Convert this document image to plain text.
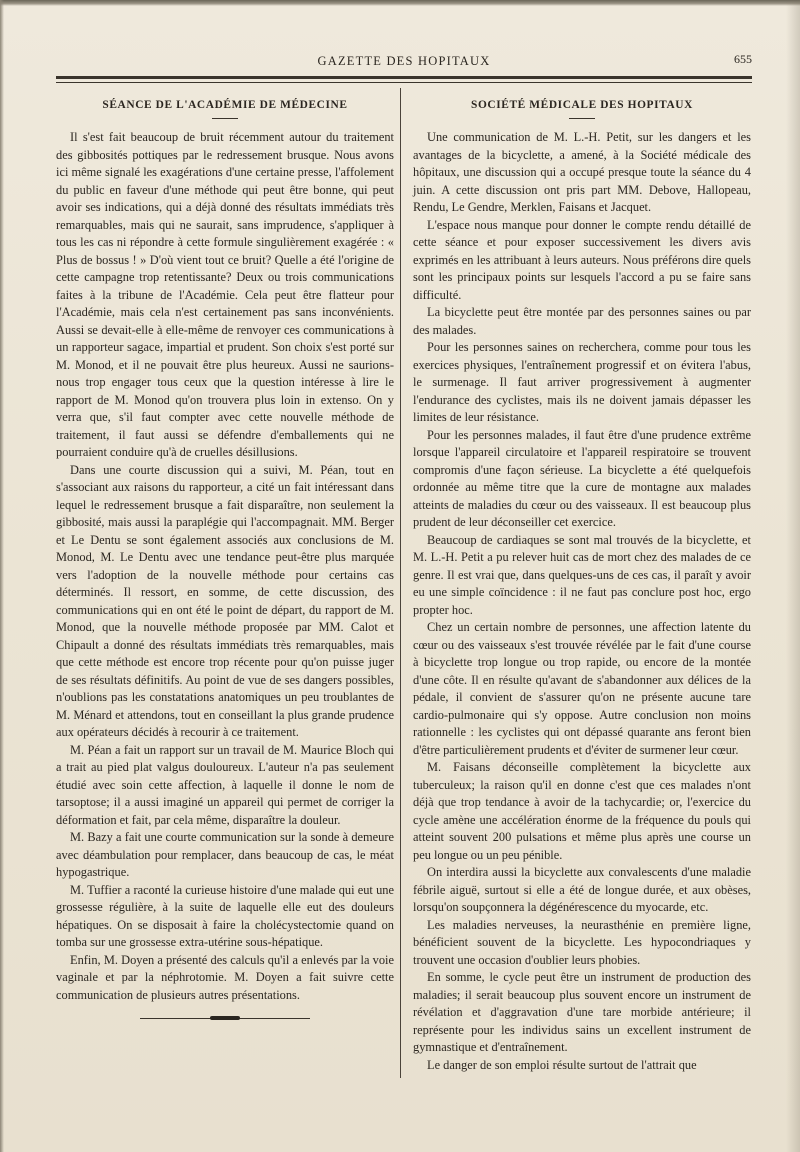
GAZETTE DES HOPITAUX	655
SÉANCE DE L'ACADÉMIE DE MÉDECINE

Il s'est fait beaucoup de bruit récemment autour du traitement des gibbosités pottiques par le redressement brusque. Nous avons ici même signalé les exagérations d'une certaine presse, l'affolement du public en faveur d'une méthode qui peut être bonne, qui peut avoir ses indications, qui a déjà donné des résultats immédiats très remarquables, mais qui ne saurait, sans imprudence, s'appliquer à tous les cas ni répondre à cette formule singulièrement exagérée : « Plus de bossus ! » D'où vient tout ce bruit? Quelle a été l'origine de cette campagne trop retentissante? Deux ou trois communications faites à la tribune de l'Académie. Cela peut être flatteur pour l'Académie, mais cela n'est certainement pas sans inconvénients. Aussi se devait-elle à elle-même de renvoyer ces communications à un rapporteur sagace, impartial et prudent. Son choix s'est porté sur M. Monod, et il ne pouvait être plus heureux. Aussi ne saurions-nous trop engager tous ceux que la question intéresse à lire le rapport de M. Monod qu'on trouvera plus loin in extenso. On y verra que, s'il faut compter avec cette nouvelle méthode de traitement, il faut aussi se défendre d'emballements qui ne pourraient conduire qu'à de cruelles désillusions.

Dans une courte discussion qui a suivi, M. Péan, tout en s'associant aux raisons du rapporteur, a cité un fait intéressant dans lequel le redressement brusque a fait disparaître, non seulement la gibbosité, mais aussi la paraplégie qui l'accompagnait. MM. Berger et Le Dentu se sont également associés aux conclusions de M. Monod, M. Le Dentu avec une tendance peut-être plus marquée vers l'adoption de la nouvelle méthode pour certains cas déterminés. Il ressort, en somme, de cette discussion, des communications qui en ont été le point de départ, du rapport de M. Monod, que la nouvelle méthode proposée par MM. Calot et Chipault a donné des résultats immédiats très remarquables, mais que cette méthode est encore trop récente pour qu'on puisse juger de ses résultats définitifs. Au point de vue de ses dangers possibles, n'oublions pas les constatations anatomiques un peu troublantes de M. Ménard et attendons, tout en conseillant la plus grande prudence aux opérateurs décidés à recourir à ce traitement.

M. Péan a fait un rapport sur un travail de M. Maurice Bloch qui a trait au pied plat valgus douloureux. L'auteur n'a pas seulement étudié avec soin cette affection, à laquelle il donne le nom de tarsoptose; il a aussi imaginé un appareil qui permet de corriger la déformation et fait, par cela même, disparaître la douleur.

M. Bazy a fait une courte communication sur la sonde à demeure avec déambulation pour remplacer, dans beaucoup de cas, le méat hypogastrique.

M. Tuffier a raconté la curieuse histoire d'une malade qui eut une grossesse régulière, à la suite de laquelle elle eut des douleurs hépatiques. On se disposait à faire la cholécystectomie quand on tomba sur une grossesse extra-utérine sous-hépatique.

Enfin, M. Doyen a présenté des calculs qu'il a enlevés par la voie vaginale et par la néphrotomie. M. Doyen a fait suivre cette communication de plusieurs autres présentations.

SOCIÉTÉ MÉDICALE DES HOPITAUX

Une communication de M. L.-H. Petit, sur les dangers et les avantages de la bicyclette, a amené, à la Société médicale des hôpitaux, une discussion qui a occupé presque toute la séance du 4 juin. A cette discussion ont pris part MM. Debove, Hallopeau, Rendu, Le Gendre, Merklen, Faisans et Jacquet.

L'espace nous manque pour donner le compte rendu détaillé de cette séance et pour exposer successivement les divers avis exprimés en les attribuant à leurs auteurs. Nous préférons dire quels sont les principaux points sur lesquels l'accord a pu se faire sans difficulté.

La bicyclette peut être montée par des personnes saines ou par des malades.

Pour les personnes saines on recherchera, comme pour tous les exercices physiques, l'entraînement progressif et on évitera l'abus, le surmenage. Il faut arriver progressivement à augmenter l'endurance des cyclistes, mais ils ne doivent jamais dépasser les limites de leur résistance.

Pour les personnes malades, il faut être d'une prudence extrême lorsque l'appareil circulatoire et l'appareil respiratoire se trouvent compromis d'une façon sérieuse. La bicyclette a été quelquefois ordonnée au même titre que la cure de montagne aux malades atteints de maladies du cœur ou des vaisseaux. Il est beaucoup plus prudent de leur déconseiller cet exercice.

Beaucoup de cardiaques se sont mal trouvés de la bicyclette, et M. L.-H. Petit a pu relever huit cas de mort chez des malades de ce genre. Il est vrai que, dans quelques-uns de ces cas, il paraît y avoir eu une simple coïncidence : il ne faut pas conclure post hoc, ergo propter hoc.

Chez un certain nombre de personnes, une affection latente du cœur ou des vaisseaux s'est trouvée révélée par le fait d'une course à bicyclette trop longue ou trop rapide, ou encore de la montée d'une côte. Il en résulte qu'avant de s'abandonner aux délices de la pédale, il convient de s'assurer qu'on ne présente aucune tare cardio-pulmonaire qui s'y oppose. Autre conclusion non moins rationnelle : les cyclistes qui ont dépassé quarante ans feront bien d'être particulièrement prudents et d'éviter de surmener leur cœur.

M. Faisans déconseille complètement la bicyclette aux tuberculeux; la raison qu'il en donne c'est que ces malades n'ont déjà que trop tendance à avoir de la tachycardie; or, l'exercice du cycle amène une accélération énorme de la fréquence du pouls qui atteint souvent 200 pulsations et même plus après une course un peu longue ou un peu pénible.

On interdira aussi la bicyclette aux convalescents d'une maladie fébrile aiguë, surtout si elle a été de longue durée, et aux obèses, lorsqu'on soupçonnera la dégénérescence du myocarde, etc.

Les maladies nerveuses, la neurasthénie en première ligne, bénéficient souvent de la bicyclette. Les hypocondriaques y trouvent une occasion d'oublier leurs phobies.

En somme, le cycle peut être un instrument de production des maladies; il serait beaucoup plus souvent encore un instrument de révélation et d'aggravation d'une tare morbide antérieure; il représente pour les individus sains un excellent instrument de gymnastique et d'entraînement.

Le danger de son emploi résulte surtout de l'attrait que
